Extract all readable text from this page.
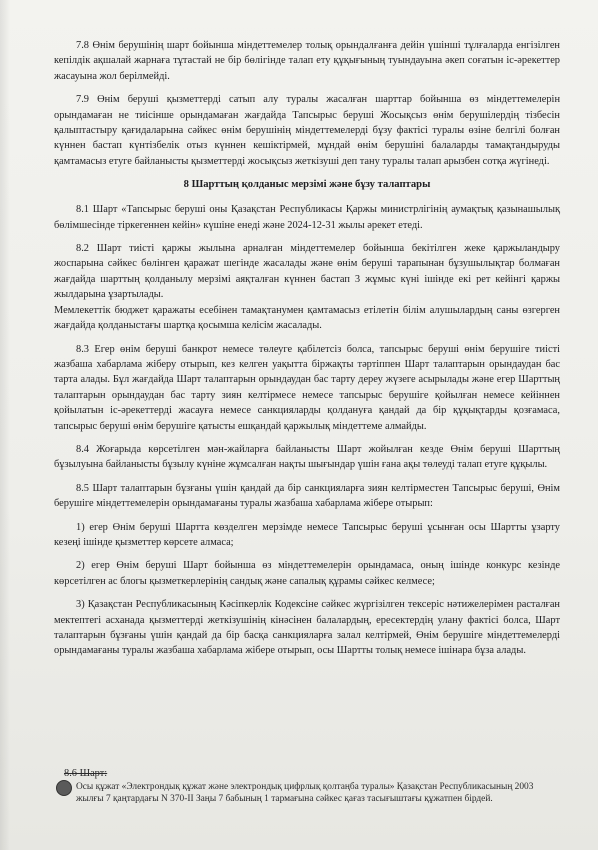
7.8 Өнім берушінің шарт бойынша міндеттемелер толық орындалғанға дейін үшінші тұлғаларда енгізілген кепілдік ақшалай жарнаға тұтастай не бір бөлігінде талап ету құқығының туындауына әкеп соғатын іс-әрекеттер жасауына жол берілмейді.

7.9 Өнім беруші қызметтерді сатып алу туралы жасалған шарттар бойынша өз міндеттемелерін орындамаған не тиісінше орындамаған жағдайда Тапсырыс беруші Жосықсыз өнім берушілердің тізбесін қалыптастыру қағидаларына сәйкес өнім берушінің міндеттемелерді бұзу фактісі туралы өзіне белгілі болған күннен бастап күнтізбелік отыз күннен кешіктірмей, мұндай өнім берушіні балаларды тамақтандыруды қамтамасыз етуге байланысты қызметтерді жосықсыз жеткізуші деп тану туралы талап арызбен сотқа жүгінеді.

8 Шарттың қолданыс мерзімі және бұзу талаптары

8.1 Шарт «Тапсырыс беруші оны Қазақстан Республикасы Қаржы министрлігінің аумақтық қазынашылық бөлімшесінде тіркегеннен кейін» күшіне енеді және 2024-12-31 жылы әрекет етеді.

8.2 Шарт тиісті қаржы жылына арналған міндеттемелер бойынша бекітілген жеке қаржыландыру жоспарына сәйкес бөлінген қаражат шегінде жасалады және өнім беруші тарапынан бұзушылықтар болмаған жағдайда шарттың қолданылу мерзімі аяқталған күннен бастап 3 жұмыс күні ішінде екі рет кейінгі қаржы жылдарына ұзартылады.

Мемлекеттік бюджет қаражаты есебінен тамақтанумен қамтамасыз етілетін білім алушылардың саны өзгерген жағдайда қолданыстағы шартқа қосымша келісім жасалады.

8.3 Егер өнім беруші банкрот немесе төлеуге қабілетсіз болса, тапсырыс беруші өнім берушіге тиісті жазбаша хабарлама жіберу отырып, кез келген уақытта біржақты тәртіппен Шарт талаптарын орындаудан бас тарта алады. Бұл жағдайда Шарт талаптарын орындаудан бас тарту дереу жүзеге асырылады және егер Шарттың талаптарын орындаудан бас тарту зиян келтірмесе немесе тапсырыс берушіге қойылған немесе кейіннен қойылатын іс-әрекеттерді жасауға немесе санкцияларды қолдануға қандай да бір құқықтарды қозғамаса, тапсырыс беруші өнім берушіге қатысты ешқандай қаржылық міндеттеме алмайды.

8.4 Жоғарыда көрсетілген мән-жайларға байланысты Шарт жойылған кезде Өнім беруші Шарттың бұзылуына байланысты бұзылу күніне жұмсалған нақты шығындар үшін ғана ақы төлеуді талап етуге құқылы.

8.5 Шарт талаптарын бұзғаны үшін қандай да бір санкцияларға зиян келтірместен Тапсырыс беруші, Өнім берушіге міндеттемелерін орындамағаны туралы жазбаша хабарлама жібере отырып:

1) егер Өнім беруші Шартта көзделген мерзімде немесе Тапсырыс беруші ұсынған осы Шартты ұзарту кезеңі ішінде қызметтер көрсете алмаса;

2) егер Өнім беруші Шарт бойынша өз міндеттемелерін орындамаса, оның ішінде конкурс кезінде көрсетілген ас блогы қызметкерлерінің сандық және сапалық құрамы сәйкес келмесе;

3) Қазақстан Республикасының Кәсіпкерлік Кодексіне сәйкес жүргізілген тексеріс нәтижелерімен расталған мектептегі асханада қызметтерді жеткізушінің кінәсінен балалардың, ересектердің улану фактісі болса, Шарт талаптарын бұзғаны үшін қандай да бір басқа санкцияларға залал келтірмей, Өнім берушіге міндеттемелерді орындамағаны туралы жазбаша хабарлама жібере отырып, осы Шартты толық немесе ішінара бұза алады.

8.6 Шарт:
Осы құжат «Электрондық құжат және электрондық цифрлық қолтаңба туралы» Қазақстан Республикасының 2003 жылғы 7 қаңтардағы N 370-II Заңы 7 бабының 1 тармағына сәйкес қағаз тасығыштағы құжатпен бірдей.
